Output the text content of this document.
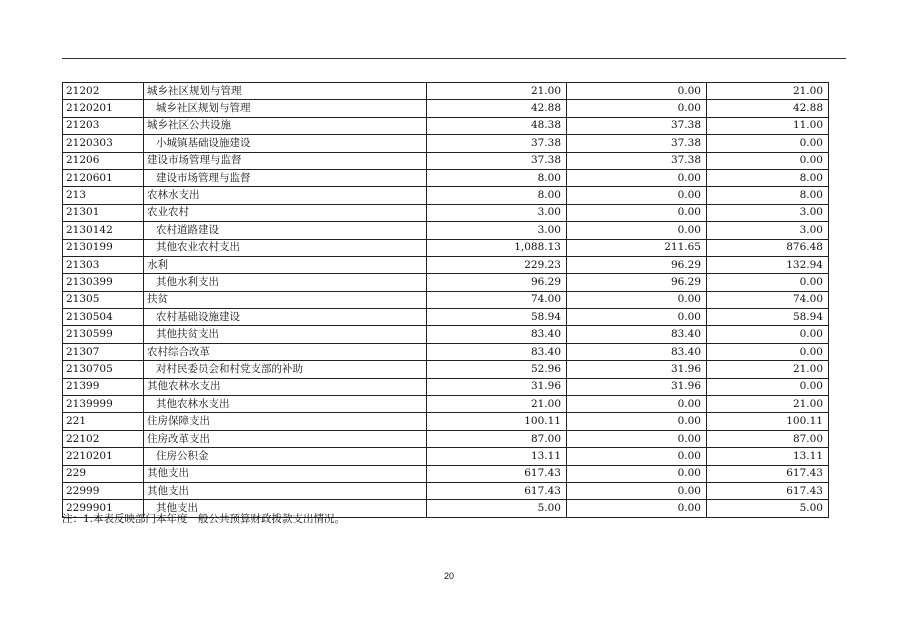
21202	城乡社区规划与管理	21.00	0.00	21.00
2120201	城乡社区规划与管理	42.88	0.00	42.88
21203	城乡社区公共设施	48.38	37.38	11.00
2120303	小城镇基础设施建设	37.38	37.38	0.00
21206	建设市场管理与监督	37.38	37.38	0.00
2120601	建设市场管理与监督	8.00	0.00	8.00
213	农林水支出	8.00	0.00	8.00
21301	农业农村	3.00	0.00	3.00
2130142	农村道路建设	3.00	0.00	3.00
2130199	其他农业农村支出	1,088.13	211.65	876.48
21303	水利	229.23	96.29	132.94
2130399	其他水利支出	96.29	96.29	0.00
21305	扶贫	74.00	0.00	74.00
2130504	农村基础设施建设	58.94	0.00	58.94
2130599	其他扶贫支出	83.40	83.40	0.00
21307	农村综合改革	83.40	83.40	0.00
2130705	对村民委员会和村党支部的补助	52.96	31.96	21.00
21399	其他农林水支出	31.96	31.96	0.00
2139999	其他农林水支出	21.00	0.00	21.00
221	住房保障支出	100.11	0.00	100.11
22102	住房改革支出	87.00	0.00	87.00
2210201	住房公积金	13.11	0.00	13.11
229	其他支出	617.43	0.00	617.43
22999	其他支出	617.43	0.00	617.43
2299901	其他支出	5.00	0.00	5.00
注：1.本表反映部门本年度一般公共预算财政拨款支出情况。
20
